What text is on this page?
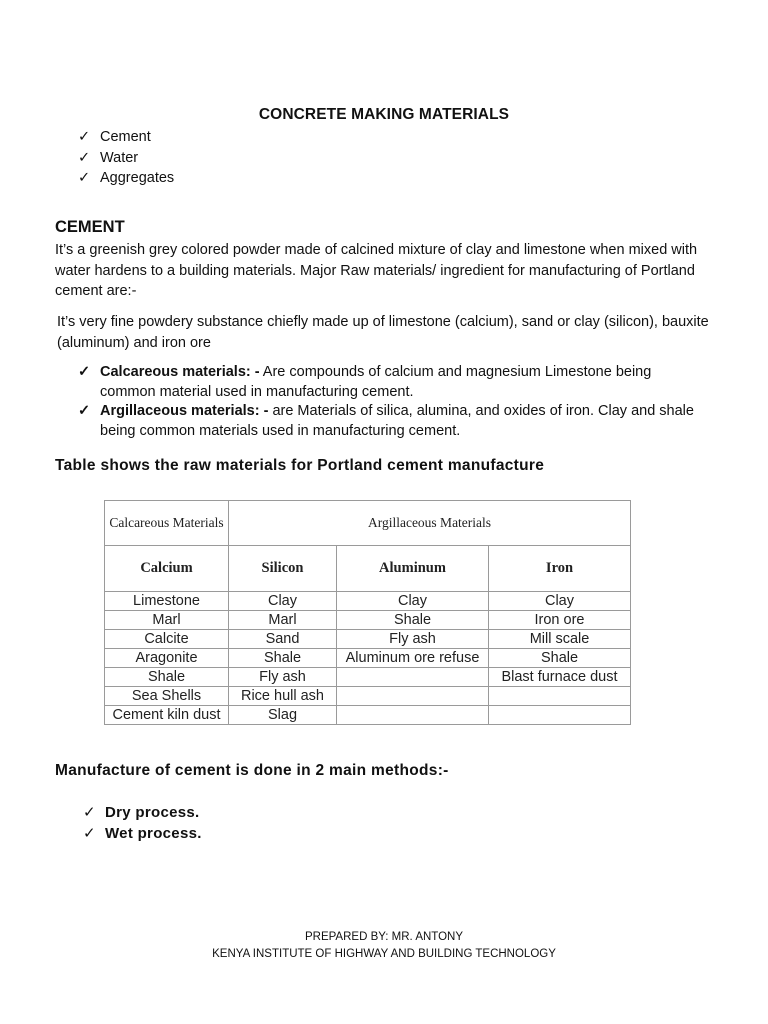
CONCRETE MAKING MATERIALS
✓ Cement
✓ Water
✓ Aggregates
CEMENT

It’s a greenish grey colored powder made of calcined mixture of clay and limestone when mixed with water hardens to a building materials. Major Raw materials/ ingredient for manufacturing of Portland cement are:-

It’s very fine powdery substance chiefly made up of limestone (calcium), sand or clay (silicon), bauxite (aluminum) and iron ore

✓ Calcareous materials: - Are compounds of calcium and magnesium Limestone being common material used in manufacturing cement.
✓ Argillaceous materials: - are Materials of silica, alumina, and oxides of iron. Clay and shale being common materials used in manufacturing cement.
Table shows the raw materials for Portland cement manufacture
Calcareous Materials	Argillaceous Materials		
Calcium	Silicon	Aluminum	Iron
Limestone	Clay	Clay	Clay
Marl	Marl	Shale	Iron ore
Calcite	Sand	Fly ash	Mill scale
Aragonite	Shale	Aluminum ore refuse	Shale
Shale	Fly ash		Blast furnace dust
Sea Shells	Rice hull ash		
Cement kiln dust	Slag		
Manufacture of cement is done in 2 main methods:-
✓ Dry process.
✓ Wet process.
PREPARED BY: MR. ANTONY
KENYA INSTITUTE OF HIGHWAY AND BUILDING TECHNOLOGY
